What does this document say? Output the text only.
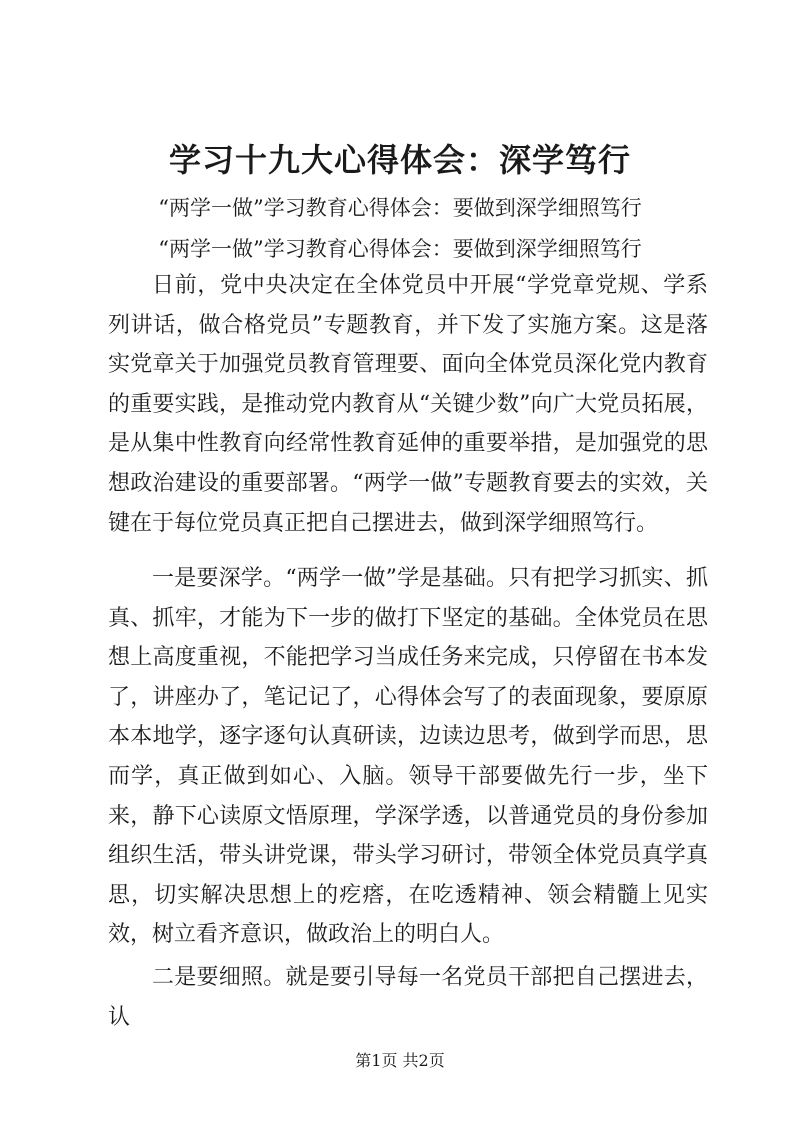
学习十九大心得体会：深学笃行
“两学一做”学习教育心得体会：要做到深学细照笃行
“两学一做”学习教育心得体会：要做到深学细照笃行

日前，党中央决定在全体党员中开展“学党章党规、学系列讲话，做合格党员”专题教育，并下发了实施方案。这是落实党章关于加强党员教育管理要、面向全体党员深化党内教育的重要实践，是推动党内教育从“关键少数”向广大党员拓展，是从集中性教育向经常性教育延伸的重要举措，是加强党的思想政治建设的重要部署。“两学一做”专题教育要去的实效，关键在于每位党员真正把自己摆进去，做到深学细照笃行。

一是要深学。“两学一做”学是基础。只有把学习抓实、抓真、抓牢，才能为下一步的做打下坚定的基础。全体党员在思想上高度重视，不能把学习当成任务来完成，只停留在书本发了，讲座办了，笔记记了，心得体会写了的表面现象，要原原本本地学，逐字逐句认真研读，边读边思考，做到学而思，思而学，真正做到如心、入脑。领导干部要做先行一步，坐下来，静下心读原文悟原理，学深学透，以普通党员的身份参加组织生活，带头讲党课，带头学习研讨，带领全体党员真学真思，切实解决思想上的疙瘩，在吃透精神、领会精髓上见实效，树立看齐意识，做政治上的明白人。

二是要细照。就是要引导每一名党员干部把自己摆进去，认

第1页 共2页
